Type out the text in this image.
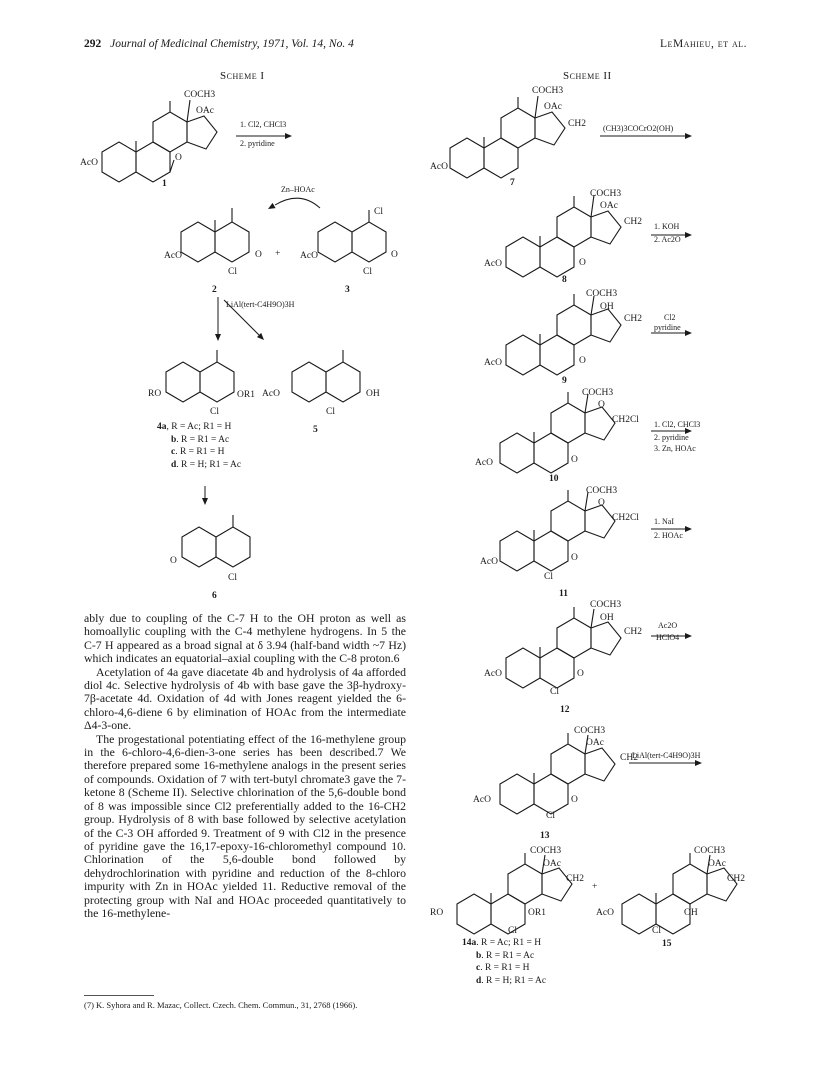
292 Journal of Medicinal Chemistry, 1971, Vol. 14, No. 4	LeMahieu, et al.
Scheme I	Scheme II
COCH3
OAc
AcO	O
1
1. Cl2, CHCl3
2. pyridine
AcO
Cl
O
2
+ AcO
Cl
Cl
O
3
Zn–HOAc
LiAl(tert-C4H9O)3H
RO	OR1
Cl
AcO	OH
Cl
5
O
Cl
6
COCH3
OAc
CH2
AcO
7
(CH3)3COCrO2(OH)
COCH3
OAc
CH2
AcO	O
8
1. KOH
2. Ac2O
COCH3
OH
CH2
AcO	O
9
Cl2
pyridine
COCH3
O
CH2Cl
AcO	O
10
1. Cl2, CHCl3
2. pyridine
3. Zn, HOAc
COCH3
O
CH2Cl
AcO	O
Cl
11
1. NaI
2. HOAc
COCH3
OH
CH2
AcO	O
Cl
12
Ac2O
HClO4
COCH3
OAc
CH2
AcO	O
Cl
13
LiAl(tert-C4H9O)3H
COCH3
OAc
CH2
RO	OR1
Cl
+
COCH3
OAc
CH2
AcO	OH
Cl
15
4a, R = Ac; R1 = H
b. R = R1 = Ac
c. R = R1 = H
d. R = H; R1 = Ac
14a. R = Ac; R1 = H
b. R = R1 = Ac
c. R = R1 = H
d. R = H; R1 = Ac

ably due to coupling of the C-7 H to the OH proton as well as homoallylic coupling with the C-4 methylene hydrogens. In 5 the C-7 H appeared as a broad signal at δ 3.94 (half-band width ~7 Hz) which indicates an equatorial–axial coupling with the C-8 proton.6

Acetylation of 4a gave diacetate 4b and hydrolysis of 4a afforded diol 4c. Selective hydrolysis of 4b with base gave the 3β-hydroxy-7β-acetate 4d. Oxidation of 4d with Jones reagent yielded the 6-chloro-4,6-diene 6 by elimination of HOAc from the intermediate Δ4-3-one.

The progestational potentiating effect of the 16-methylene group in the 6-chloro-4,6-dien-3-one series has been described.7 We therefore prepared some 16-methylene analogs in the present series of compounds. Oxidation of 7 with tert-butyl chromate3 gave the 7-ketone 8 (Scheme II). Selective chlorination of the 5,6-double bond of 8 was impossible since Cl2 preferentially added to the 16-CH2 group. Hydrolysis of 8 with base followed by selective acetylation of the C-3 OH afforded 9. Treatment of 9 with Cl2 in the presence of pyridine gave the 16,17-epoxy-16-chloromethyl compound 10. Chlorination of the 5,6-double bond followed by dehydrochlorination with pyridine and reduction of the 8-chloro impurity with Zn in HOAc yielded 11. Reductive removal of the protecting group with NaI and HOAc proceeded quantitatively to the 16-methylene-

(7) K. Syhora and R. Mazac, Collect. Czech. Chem. Commun., 31, 2768 (1966).
